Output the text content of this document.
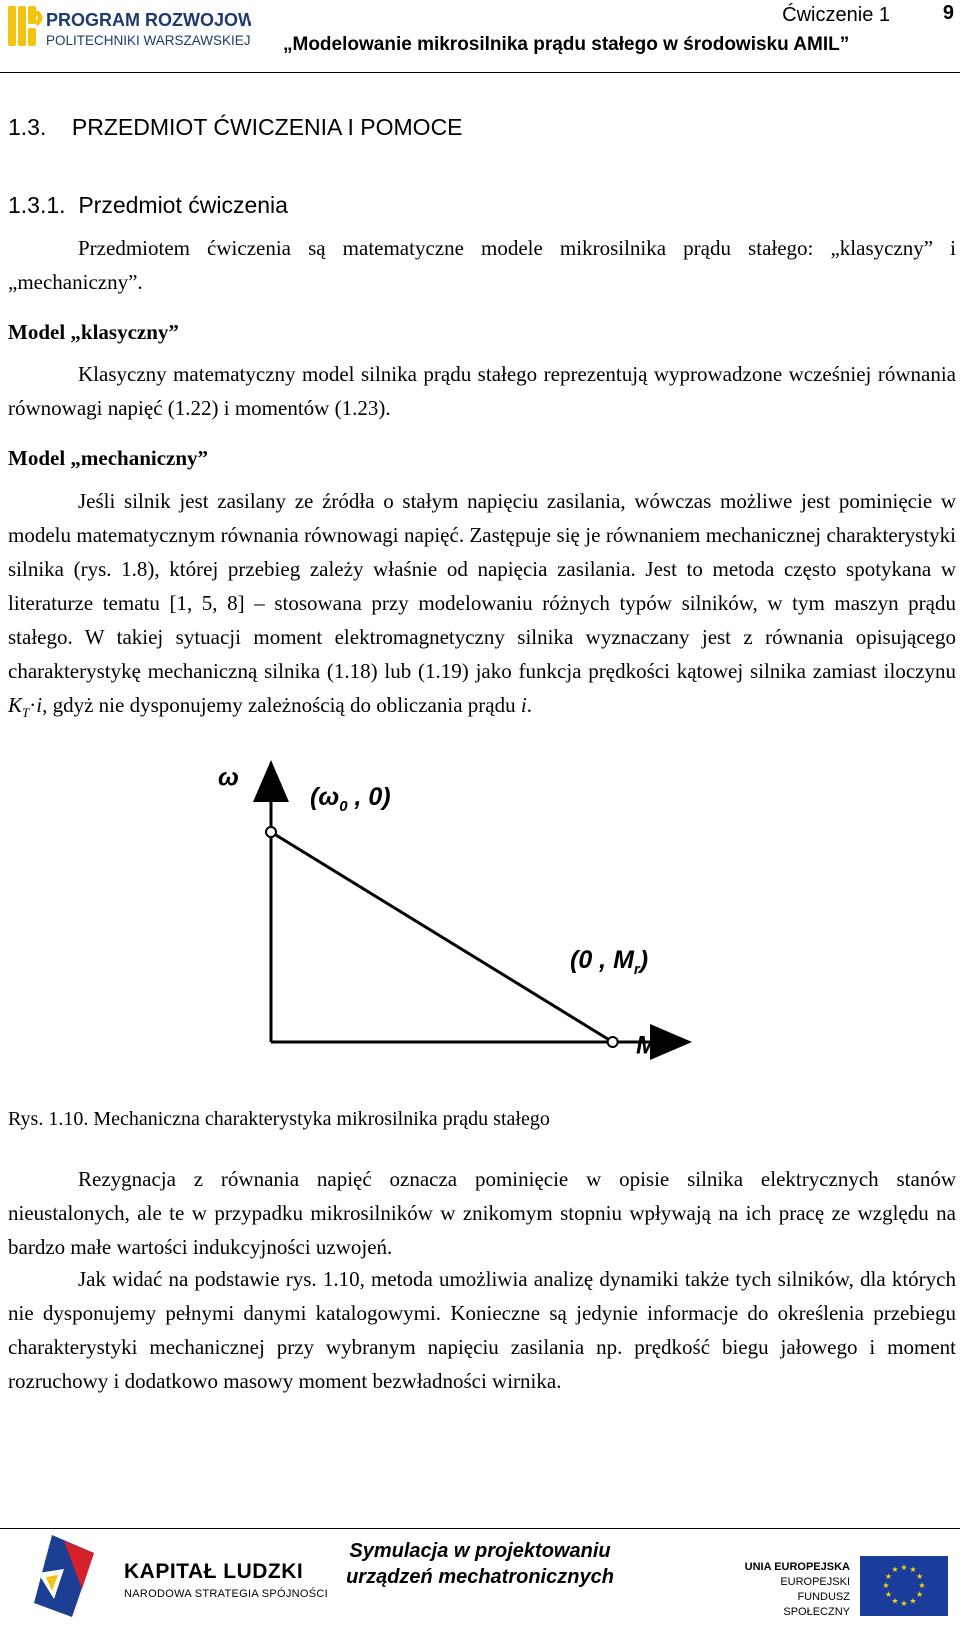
PROGRAM ROZWOJOWY
POLITECHNIKI WARSZAWSKIEJ
Ćwiczenie 1	9
„Modelowanie mikrosilnika prądu stałego w środowisku AMIL”
1.3.    PRZEDMIOT ĆWICZENIA I POMOCE
1.3.1.  Przedmiot ćwiczenia

Przedmiotem ćwiczenia są matematyczne modele mikrosilnika prądu stałego: „klasyczny” i „mechaniczny”.

Model „klasyczny”

Klasyczny matematyczny model silnika prądu stałego reprezentują wyprowadzone wcześniej równania równowagi napięć (1.22) i momentów (1.23).

Model „mechaniczny”

Jeśli silnik jest zasilany ze źródła o stałym napięciu zasilania, wówczas możliwe jest pominięcie w modelu matematycznym równania równowagi napięć. Zastępuje się je równaniem mechanicznej charakterystyki silnika (rys. 1.8), której przebieg zależy właśnie od napięcia zasilania. Jest to metoda często spotykana w literaturze tematu [1, 5, 8] – stosowana przy modelowaniu różnych typów silników, w tym maszyn prądu stałego. W takiej sytuacji moment elektromagnetyczny silnika wyznaczany jest z równania opisującego charakterystykę mechaniczną silnika (1.18) lub (1.19) jako funkcja prędkości kątowej silnika zamiast iloczynu $K_T\cdot i$, gdyż nie dysponujemy zależnością do obliczania prądu i.

ω
M
($\omega_0$ , 0)
(0 , $M_r$)
Rys. 1.10. Mechaniczna charakterystyka mikrosilnika prądu stałego

Rezygnacja z równania napięć oznacza pominięcie w opisie silnika elektrycznych stanów nieustalonych, ale te w przypadku mikrosilników w znikomym stopniu wpływają na ich pracę ze względu na bardzo małe wartości indukcyjności uzwojeń.

Jak widać na podstawie rys. 1.10, metoda umożliwia analizę dynamiki także tych silników, dla których nie dysponujemy pełnymi danymi katalogowymi. Konieczne są jedynie informacje do określenia przebiegu charakterystyki mechanicznej przy wybranym napięciu zasilania np. prędkość biegu jałowego i moment rozruchowy i dodatkowo masowy moment bezwładności wirnika.

KAPITAŁ LUDZKI
NARODOWA STRATEGIA SPÓJNOŚCI
Symulacja w projektowaniu
urządzeń mechatronicznych	UNIA EUROPEJSKA
EUROPEJSKI
FUNDUSZ SPOŁECZNY
★
★
★
★
★
★
★
★
★ ★ ★
★
